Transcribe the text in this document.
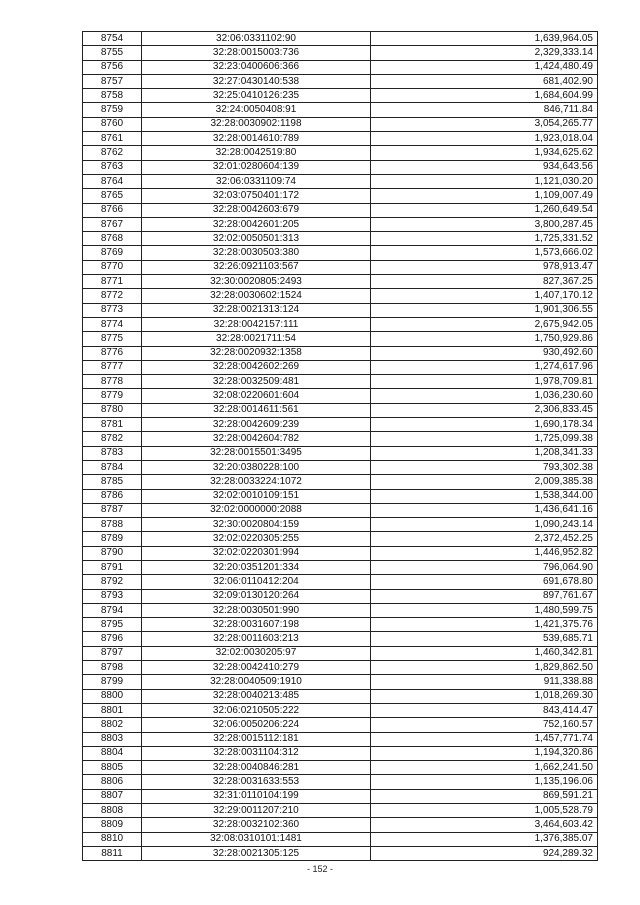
8754	32:06:0331102:90	1,639,964.05
8755	32:28:0015003:736	2,329,333.14
8756	32:23:0400606:366	1,424,480.49
8757	32:27:0430140:538	681,402.90
8758	32:25:0410126:235	1,684,604.99
8759	32:24:0050408:91	846,711.84
8760	32:28:0030902:1198	3,054,265.77
8761	32:28:0014610:789	1,923,018.04
8762	32:28:0042519:80	1,934,625.62
8763	32:01:0280604:139	934,643.56
8764	32:06:0331109:74	1,121,030.20
8765	32:03:0750401:172	1,109,007.49
8766	32:28:0042603:679	1,260,649.54
8767	32:28:0042601:205	3,800,287.45
8768	32:02:0050501:313	1,725,331.52
8769	32:28:0030503:380	1,573,666.02
8770	32:26:0921103:567	978,913.47
8771	32:30:0020805:2493	827,367.25
8772	32:28:0030602:1524	1,407,170.12
8773	32:28:0021313:124	1,901,306.55
8774	32:28:0042157:111	2,675,942.05
8775	32:28:0021711:54	1,750,929.86
8776	32:28:0020932:1358	930,492.60
8777	32:28:0042602:269	1,274,617.96
8778	32:28:0032509:481	1,978,709.81
8779	32:08:0220601:604	1,036,230.60
8780	32:28:0014611:561	2,306,833.45
8781	32:28:0042609:239	1,690,178.34
8782	32:28:0042604:782	1,725,099.38
8783	32:28:0015501:3495	1,208,341.33
8784	32:20:0380228:100	793,302.38
8785	32:28:0033224:1072	2,009,385.38
8786	32:02:0010109:151	1,538,344.00
8787	32:02:0000000:2088	1,436,641.16
8788	32:30:0020804:159	1,090,243.14
8789	32:02:0220305:255	2,372,452.25
8790	32:02:0220301:994	1,446,952.82
8791	32:20:0351201:334	796,064.90
8792	32:06:0110412:204	691,678.80
8793	32:09:0130120:264	897,761.67
8794	32:28:0030501:990	1,480,599.75
8795	32:28:0031607:198	1,421,375.76
8796	32:28:0011603:213	539,685.71
8797	32:02:0030205:97	1,460,342.81
8798	32:28:0042410:279	1,829,862.50
8799	32:28:0040509:1910	911,338.88
8800	32:28:0040213:485	1,018,269.30
8801	32:06:0210505:222	843,414.47
8802	32:06:0050206:224	752,160.57
8803	32:28:0015112:181	1,457,771.74
8804	32:28:0031104:312	1,194,320.86
8805	32:28:0040846:281	1,662,241.50
8806	32:28:0031633:553	1,135,196.06
8807	32:31:0110104:199	869,591.21
8808	32:29:0011207:210	1,005,528.79
8809	32:28:0032102:360	3,464,603.42
8810	32:08:0310101:1481	1,376,385.07
8811	32:28:0021305:125	924,289.32
- 152 -
